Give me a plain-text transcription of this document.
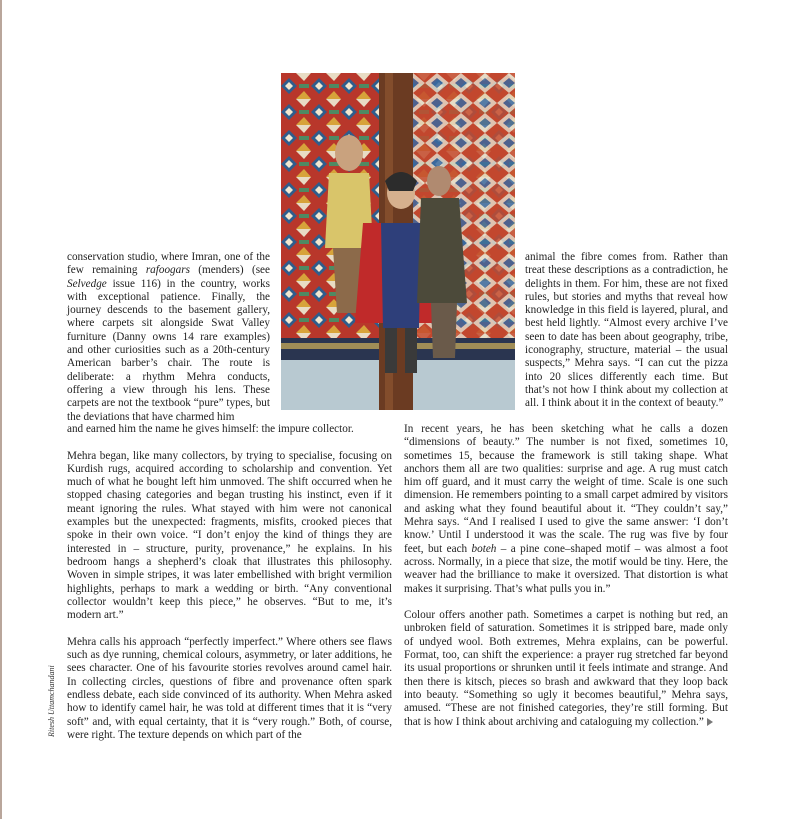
conservation studio, where Imran, one of the few remaining rafoogars (menders) (see Selvedge issue 116) in the country, works with exceptional patience. Finally, the journey descends to the basement gallery, where carpets sit alongside Swat Valley furniture (Danny owns 14 rare examples) and other curiosities such as a 20th-century American barber’s chair. The route is deliberate: a rhythm Mehra conducts, offering a view through his lens. These carpets are not the textbook “pure” types, but the deviations that have charmed him

and earned him the name he gives himself: the impure collector.

Mehra began, like many collectors, by trying to specialise, focusing on Kurdish rugs, acquired according to scholarship and convention. Yet much of what he bought left him unmoved. The shift occurred when he stopped chasing categories and began trusting his instinct, even if it meant ignoring the rules. What stayed with him were not canonical examples but the unexpected: fragments, misfits, crooked pieces that spoke in their own voice. “I don’t enjoy the kind of things they are interested in – structure, purity, provenance,” he explains. In his bedroom hangs a shepherd’s cloak that illustrates this philosophy. Woven in simple stripes, it was later embellished with bright vermilion highlights, perhaps to mark a wedding or birth. “Any conventional collector wouldn’t keep this piece,” he observes. “But to me, it’s modern art.”

Mehra calls his approach “perfectly imperfect.” Where others see flaws such as dye running, chemical colours, asymmetry, or later additions, he sees character. One of his favourite stories revolves around camel hair. In collecting circles, questions of fibre and provenance often spark endless debate, each side convinced of its authority. When Mehra asked how to identify camel hair, he was told at different times that it is “very soft” and, with equal certainty, that it is “very rough.” Both, of course, were right. The texture depends on which part of the

animal the fibre comes from. Rather than treat these descriptions as a contradiction, he delights in them. For him, these are not fixed rules, but stories and myths that reveal how knowledge in this field is layered, plural, and best held lightly. “Almost every archive I’ve seen to date has been about geography, tribe, iconography, structure, material – the usual suspects,” Mehra says. “I can cut the pizza into 20 slices differently each time. But that’s not how I think about my collection at all. I think about it in the context of beauty.”

In recent years, he has been sketching what he calls a dozen “dimensions of beauty.” The number is not fixed, sometimes 10, sometimes 15, because the framework is still taking shape. What anchors them all are two qualities: surprise and age. A rug must catch him off guard, and it must carry the weight of time. Scale is one such dimension. He remembers pointing to a small carpet admired by visitors and asking what they found beautiful about it. “They couldn’t say,” Mehra says. “And I realised I used to give the same answer: ‘I don’t know.’ Until I understood it was the scale. The rug was five by four feet, but each boteh – a pine cone–shaped motif – was almost a foot across. Normally, in a piece that size, the motif would be tiny. Here, the weaver had the brilliance to make it oversized. That distortion is what makes it surprising. That’s what pulls you in.”

Colour offers another path. Sometimes a carpet is nothing but red, an unbroken field of saturation. Sometimes it is stripped bare, made only of undyed wool. Both extremes, Mehra explains, can be powerful. Format, too, can shift the experience: a prayer rug stretched far beyond its usual proportions or shrunken until it feels intimate and strange. And then there is kitsch, pieces so brash and awkward that they loop back into beauty. “Something so ugly it becomes beautiful,” Mehra says, amused. “These are not finished categories, they’re still forming. But that is how I think about archiving and cataloguing my collection.”

Ritesh Uttamchandani
